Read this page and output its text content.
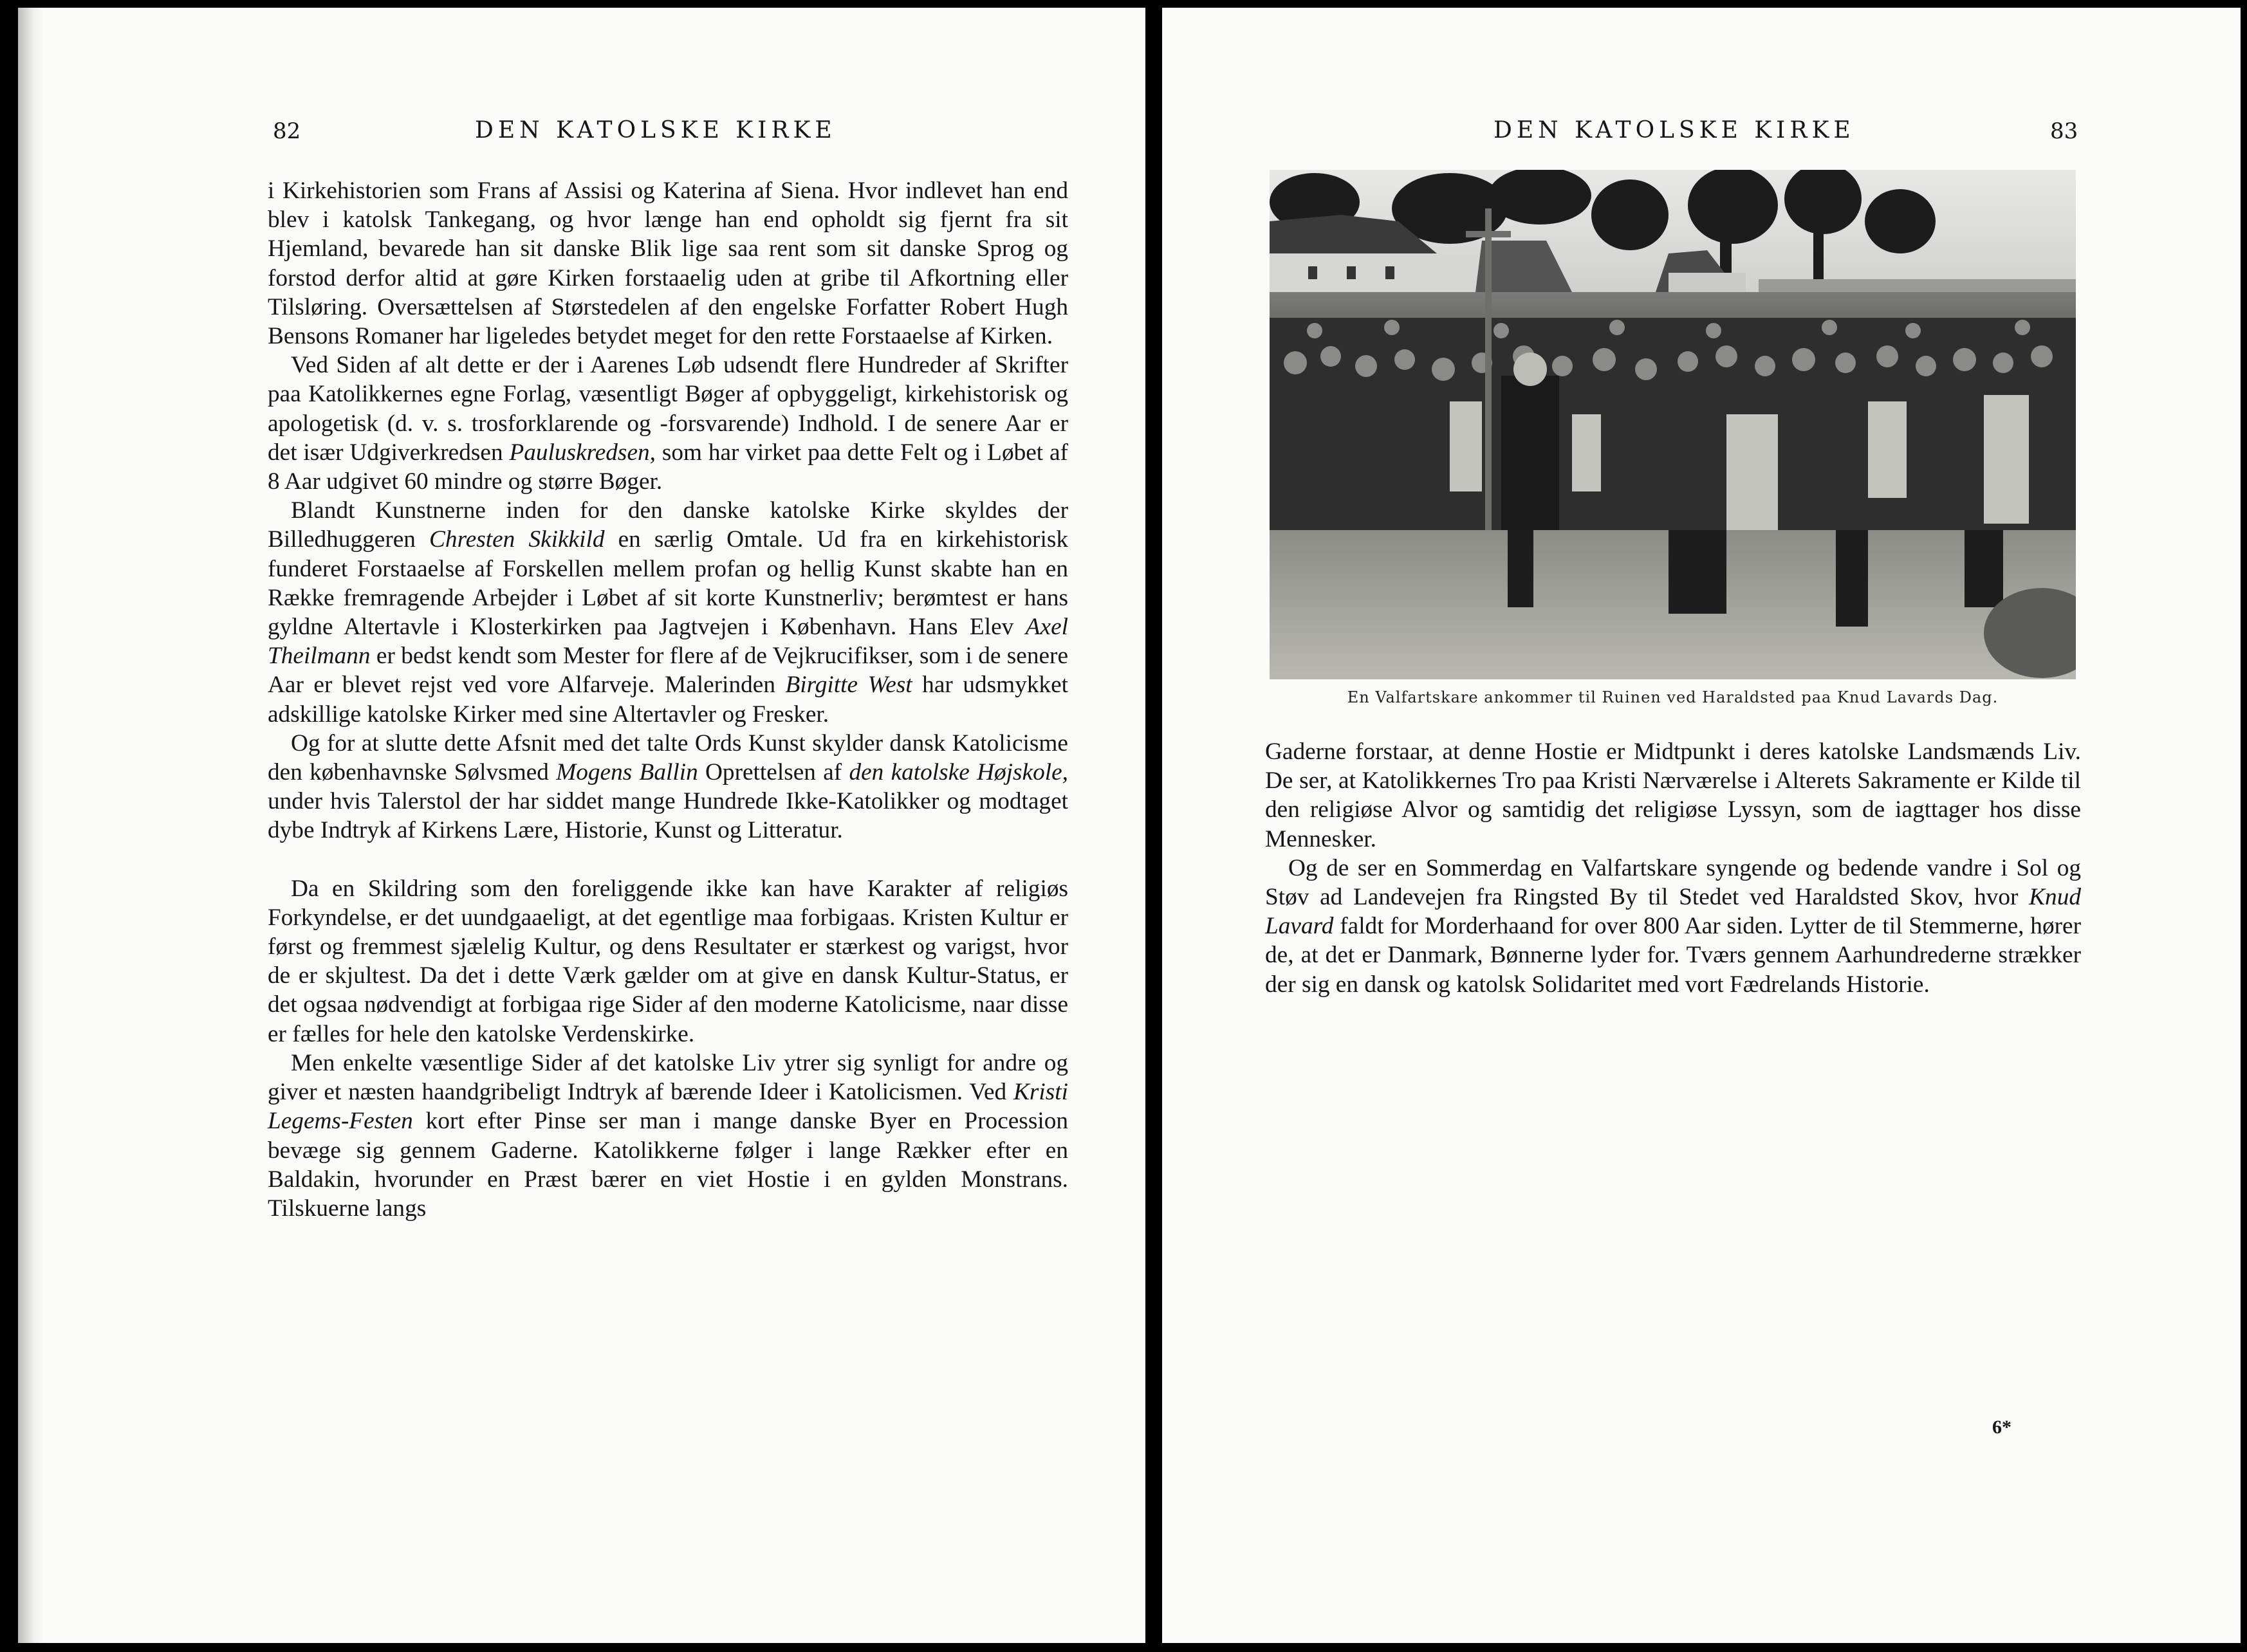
82	DEN KATOLSKE KIRKE

i Kirkehistorien som Frans af Assisi og Katerina af Siena. Hvor indlevet han end blev i katolsk Tankegang, og hvor længe han end opholdt sig fjernt fra sit Hjemland, bevarede han sit danske Blik lige saa rent som sit danske Sprog og forstod derfor altid at gøre Kirken forstaaelig uden at gribe til Afkortning eller Tilsløring. Oversættelsen af Størstedelen af den engelske Forfatter Robert Hugh Bensons Romaner har ligeledes betydet meget for den rette Forstaaelse af Kirken.

Ved Siden af alt dette er der i Aarenes Løb udsendt flere Hundreder af Skrifter paa Katolikkernes egne Forlag, væsentligt Bøger af opbyggeligt, kirkehistorisk og apologetisk (d. v. s. trosforklarende og -forsvarende) Indhold. I de senere Aar er det især Udgiverkredsen Pauluskredsen, som har virket paa dette Felt og i Løbet af 8 Aar udgivet 60 mindre og større Bøger.

Blandt Kunstnerne inden for den danske katolske Kirke skyldes der Billedhuggeren Chresten Skikkild en særlig Omtale. Ud fra en kirkehistorisk funderet Forstaaelse af Forskellen mellem profan og hellig Kunst skabte han en Række fremragende Arbejder i Løbet af sit korte Kunstnerliv; berømtest er hans gyldne Altertavle i Klosterkirken paa Jagtvejen i København. Hans Elev Axel Theilmann er bedst kendt som Mester for flere af de Vejkrucifikser, som i de senere Aar er blevet rejst ved vore Alfarveje. Malerinden Birgitte West har udsmykket adskillige katolske Kirker med sine Altertavler og Fresker.

Og for at slutte dette Afsnit med det talte Ords Kunst skylder dansk Katolicisme den københavnske Sølvsmed Mogens Ballin Oprettelsen af den katolske Højskole, under hvis Talerstol der har siddet mange Hundrede Ikke-Katolikker og modtaget dybe Indtryk af Kirkens Lære, Historie, Kunst og Litteratur.

Da en Skildring som den foreliggende ikke kan have Karakter af religiøs Forkyndelse, er det uundgaaeligt, at det egentlige maa forbigaas. Kristen Kultur er først og fremmest sjælelig Kultur, og dens Resultater er stærkest og varigst, hvor de er skjultest. Da det i dette Værk gælder om at give en dansk Kultur-Status, er det ogsaa nødvendigt at forbigaa rige Sider af den moderne Katolicisme, naar disse er fælles for hele den katolske Verdenskirke.

Men enkelte væsentlige Sider af det katolske Liv ytrer sig synligt for andre og giver et næsten haandgribeligt Indtryk af bærende Ideer i Katolicismen. Ved Kristi Legems-Festen kort efter Pinse ser man i mange danske Byer en Procession bevæge sig gennem Gaderne. Katolikkerne følger i lange Rækker efter en Baldakin, hvorunder en Præst bærer en viet Hostie i en gylden Monstrans. Tilskuerne langs

DEN KATOLSKE KIRKE	83
En Valfartskare ankommer til Ruinen ved Haraldsted paa Knud Lavards Dag.

Gaderne forstaar, at denne Hostie er Midtpunkt i deres katolske Landsmænds Liv. De ser, at Katolikkernes Tro paa Kristi Nærværelse i Alterets Sakramente er Kilde til den religiøse Alvor og samtidig det religiøse Lyssyn, som de iagttager hos disse Mennesker.

Og de ser en Sommerdag en Valfartskare syngende og bedende vandre i Sol og Støv ad Landevejen fra Ringsted By til Stedet ved Haraldsted Skov, hvor Knud Lavard faldt for Morderhaand for over 800 Aar siden. Lytter de til Stemmerne, hører de, at det er Danmark, Bønnerne lyder for. Tværs gennem Aarhundrederne strækker der sig en dansk og katolsk Solidaritet med vort Fædrelands Historie.

6*
